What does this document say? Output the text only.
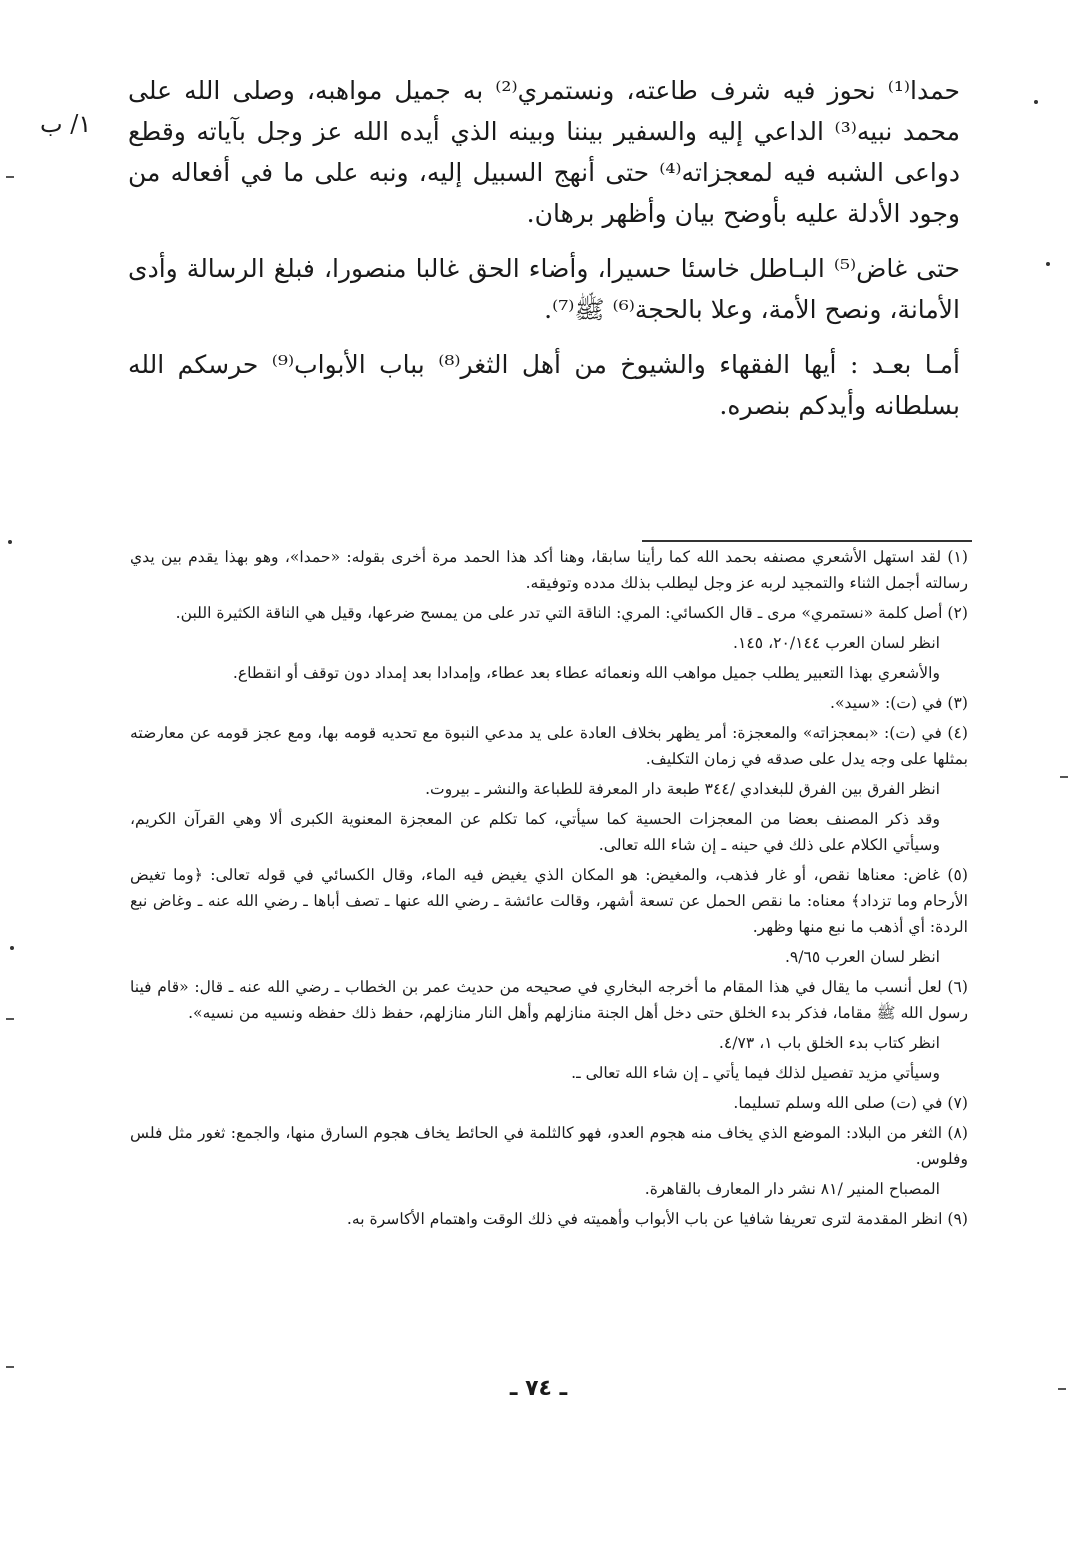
١/ ب

حمدا⁽¹⁾ نحوز فيه شرف طاعته، ونستمري⁽²⁾ به جميل مواهبه، وصلى الله على محمد نبيه⁽³⁾ الداعي إليه والسفير بيننا وبينه الذي أيده الله عز وجل بآياته وقطع دواعى الشبه فيه لمعجزاته⁽⁴⁾ حتى أنهج السبيل إليه، ونبه على ما في أفعاله من وجود الأدلة عليه بأوضح بيان وأظهر برهان.

حتى غاض⁽⁵⁾ البـاطل خاسئا حسيرا، وأضاء الحق غالبا منصورا، فبلغ الرسالة وأدى الأمانة، ونصح الأمة، وعلا بالحجة⁽⁶⁾ ﷺ⁽⁷⁾.

أمـا بعـد : أيها الفقهاء والشيوخ من أهل الثغر⁽⁸⁾ بباب الأبواب⁽⁹⁾ حرسكم الله بسلطانه وأيدكم بنصره.

(١) لقد استهل الأشعري مصنفه بحمد الله كما رأينا سابقا، وهنا أكد هذا الحمد مرة أخرى بقوله: «حمدا»، وهو بهذا يقدم بين يدي رسالته أجمل الثناء والتمجيد لربه عز وجل ليطلب بذلك مدده وتوفيقه.

(٢) أصل كلمة «نستمري» مرى ـ قال الكسائي: المري: الناقة التي تدر على من يمسح ضرعها، وقيل هي الناقة الكثيرة اللبن.

انظر لسان العرب ٢٠/١٤٤، ١٤٥.

والأشعري بهذا التعبير يطلب جميل مواهب الله ونعمائه عطاء بعد عطاء، وإمدادا بعد إمداد دون توقف أو انقطاع.

(٣) في (ت): «سيد».

(٤) في (ت): «بمعجزاته» والمعجزة: أمر يظهر بخلاف العادة على يد مدعي النبوة مع تحديه قومه بها، ومع عجز قومه عن معارضته بمثلها على وجه يدل على صدقه في زمان التكليف.

انظر الفرق بين الفرق للبغدادي /٣٤٤ طبعة دار المعرفة للطباعة والنشر ـ بيروت.

وقد ذكر المصنف بعضا من المعجزات الحسية كما سيأتي، كما تكلم عن المعجزة المعنوية الكبرى ألا وهي القرآن الكريم، وسيأتي الكلام على ذلك في حينه ـ إن شاء الله تعالى.

(٥) غاض: معناها نقص، أو غار فذهب، والمغيض: هو المكان الذي يغيض فيه الماء، وقال الكسائي في قوله تعالى: ﴿وما تغيض الأرحام وما تزداد﴾ معناه: ما نقص الحمل عن تسعة أشهر، وقالت عائشة ـ رضي الله عنها ـ تصف أباها ـ رضي الله عنه ـ وغاض نبع الردة: أي أذهب ما نبع منها وظهر.

انظر لسان العرب ٩/٦٥.

(٦) لعل أنسب ما يقال في هذا المقام ما أخرجه البخاري في صحيحه من حديث عمر بن الخطاب ـ رضي الله عنه ـ قال: «قام فينا رسول الله ﷺ مقاما، فذكر بدء الخلق حتى دخل أهل الجنة منازلهم وأهل النار منازلهم، حفظ ذلك حفظه ونسيه من نسيه».

انظر كتاب بدء الخلق باب ١، ٤/٧٣.

وسيأتي مزيد تفصيل لذلك فيما يأتي ـ إن شاء الله تعالى ـ.

(٧) في (ت) صلى الله وسلم تسليما.

(٨) الثغر من البلاد: الموضع الذي يخاف منه هجوم العدو، فهو كالثلمة في الحائط يخاف هجوم السارق منها، والجمع: ثغور مثل فلس وفلوس.

المصباح المنير /٨١ نشر دار المعارف بالقاهرة.

(٩) انظر المقدمة لترى تعريفا شافيا عن باب الأبواب وأهميته في ذلك الوقت واهتمام الأكاسرة به.

ـ ٧٤ ـ
